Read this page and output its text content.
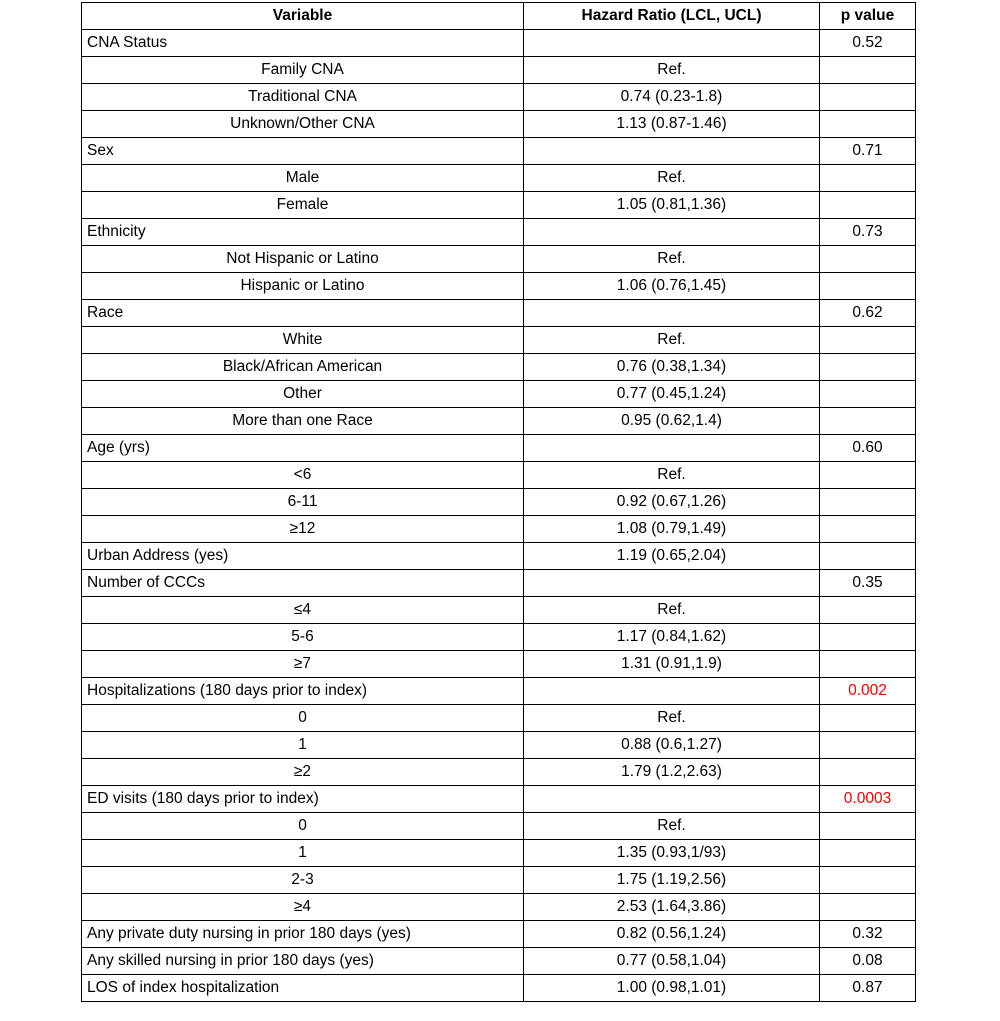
Variable	Hazard Ratio (LCL, UCL)	p value
CNA Status		0.52
Family CNA	Ref.	
Traditional CNA	0.74 (0.23-1.8)	
Unknown/Other CNA	1.13 (0.87-1.46)	
Sex		0.71
Male	Ref.	
Female	1.05 (0.81,1.36)	
Ethnicity		0.73
Not Hispanic or Latino	Ref.	
Hispanic or Latino	1.06 (0.76,1.45)	
Race		0.62
White	Ref.	
Black/African American	0.76 (0.38,1.34)	
Other	0.77 (0.45,1.24)	
More than one Race	0.95 (0.62,1.4)	
Age (yrs)		0.60
<6	Ref.	
6-11	0.92 (0.67,1.26)	
≥12	1.08 (0.79,1.49)	
Urban Address (yes)	1.19 (0.65,2.04)	
Number of CCCs		0.35
≤4	Ref.	
5-6	1.17 (0.84,1.62)	
≥7	1.31 (0.91,1.9)	
Hospitalizations (180 days prior to index)		0.002
0	Ref.	
1	0.88 (0.6,1.27)	
≥2	1.79 (1.2,2.63)	
ED visits (180 days prior to index)		0.0003
0	Ref.	
1	1.35 (0.93,1/93)	
2-3	1.75 (1.19,2.56)	
≥4	2.53 (1.64,3.86)	
Any private duty nursing in prior 180 days (yes)	0.82 (0.56,1.24)	0.32
Any skilled nursing in prior 180 days (yes)	0.77 (0.58,1.04)	0.08
LOS of index hospitalization	1.00 (0.98,1.01)	0.87
